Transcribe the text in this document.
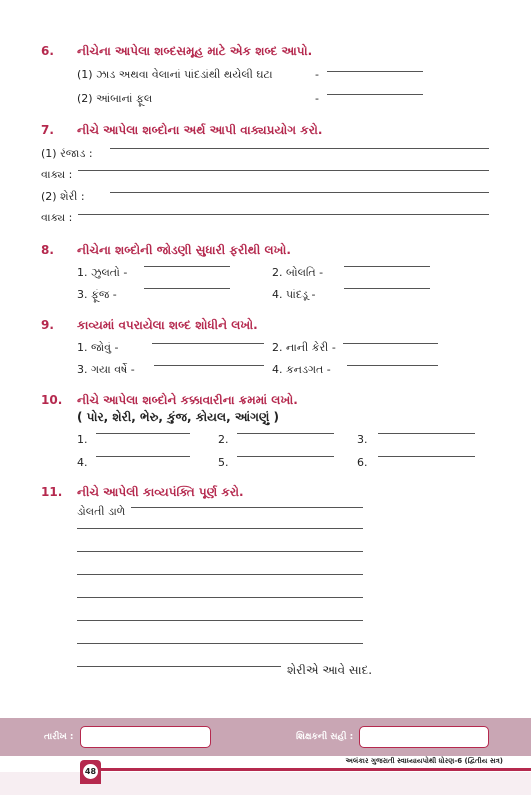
6. નીચેના આપેલા શબ્દસમૂહ માટે એક શબ્દ આપો.
(1) ઝાડ અથવા વેલાનાં પાંદડાંથી થયેલી ઘટા	-
(2) આંબાનાં ફૂલ	-
7. નીચે આપેલા શબ્દોના અર્થ આપી વાક્યપ્રયોગ કરો.
(1) રંજાડ :
વાક્ય :
(2) શેરી :
વાક્ય :
8. નીચેના શબ્દોની જોડણી સુધારી ફરીથી લખો.
1. ઝુલતો -	2. બોલતિ -
3. ફૂંજ -	4. પાંદડૂ -
9. કાવ્યમાં વપરાયેલા શબ્દ શોધીને લખો.
1. જોવું -	2. નાની કેરી -
3. ગયા વર્ષે -	4. કનડગત -
10. નીચે આપેલા શબ્દોને કક્કાવારીના ક્રમમાં લખો.
( પોર, શેરી, ભેરુ, કુંજ, કોયલ, આંગણું )
1.	2.	3.
4.	5.	6.
11. નીચે આપેલી કાવ્યપંક્તિ પૂર્ણ કરો.
ડોલતી ડાળે
શેરીએ આવે સાદ.
તારીખ :	શિક્ષકની સહી :
અલંકાર ગુજરાતી સ્વાધ્યાયપોથી ધોરણ-6 (દ્વિતીય સત્ર)
48
